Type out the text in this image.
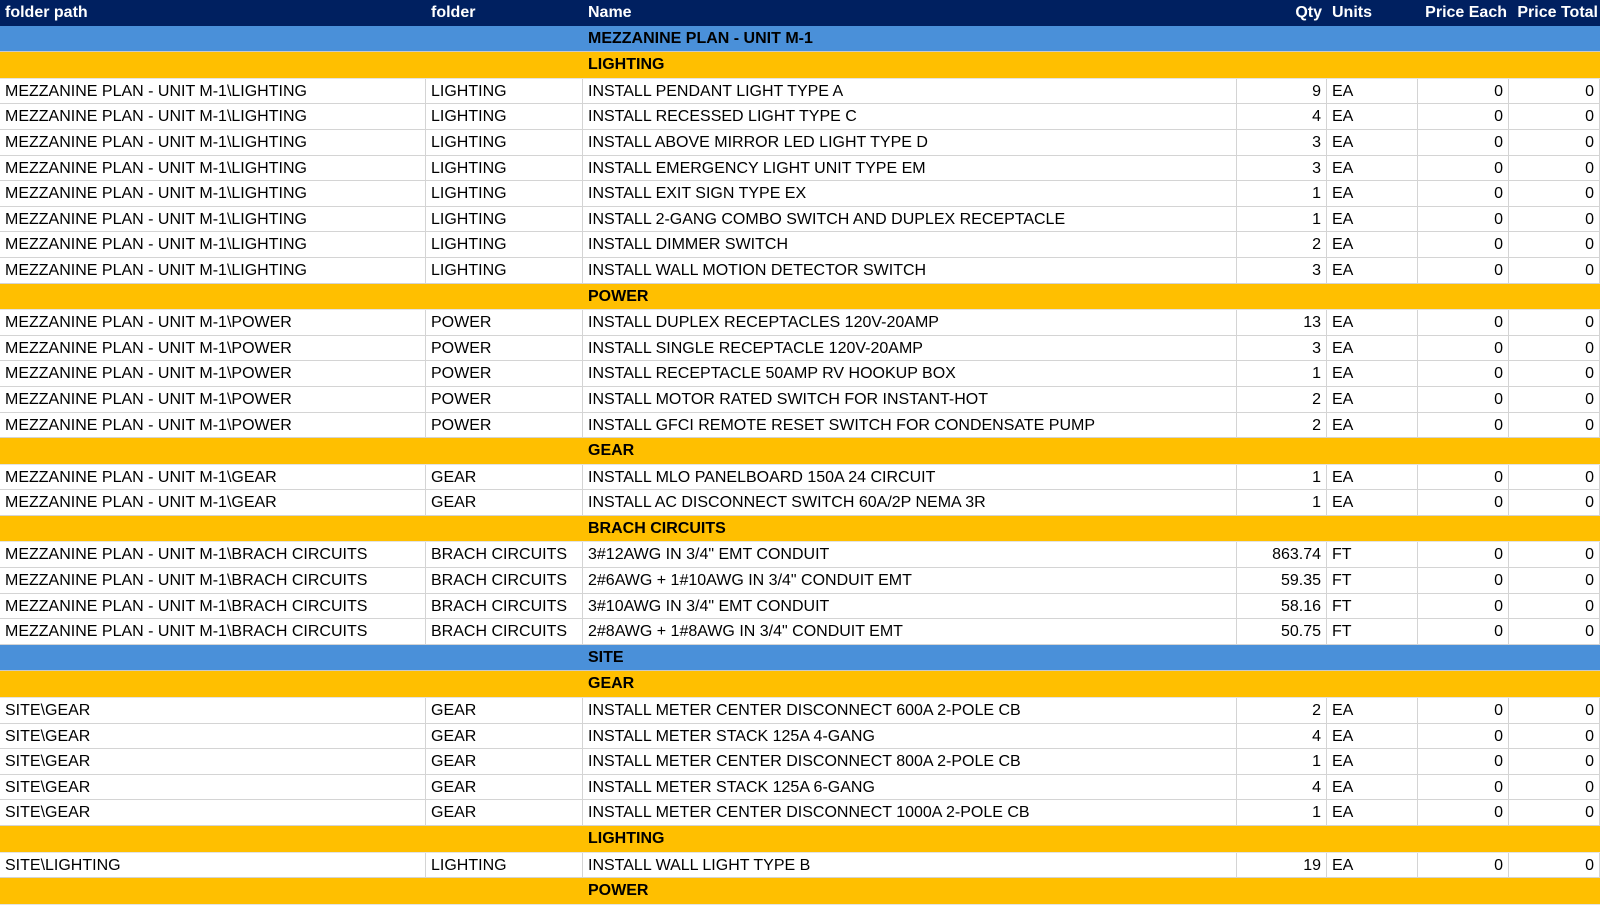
folder path	folder	Name	Qty Units	Price Each Price Total
MEZZANINE PLAN - UNIT M-1
LIGHTING
MEZZANINE PLAN - UNIT M-1\LIGHTING	LIGHTING	INSTALL PENDANT LIGHT TYPE A	9 EA	0	0
MEZZANINE PLAN - UNIT M-1\LIGHTING	LIGHTING	INSTALL RECESSED LIGHT TYPE C	4 EA	0	0
MEZZANINE PLAN - UNIT M-1\LIGHTING	LIGHTING	INSTALL ABOVE MIRROR LED LIGHT TYPE D	3 EA	0	0
MEZZANINE PLAN - UNIT M-1\LIGHTING	LIGHTING	INSTALL EMERGENCY LIGHT UNIT TYPE EM	3 EA	0	0
MEZZANINE PLAN - UNIT M-1\LIGHTING	LIGHTING	INSTALL EXIT SIGN TYPE EX	1 EA	0	0
MEZZANINE PLAN - UNIT M-1\LIGHTING	LIGHTING	INSTALL 2-GANG COMBO SWITCH AND DUPLEX RECEPTACLE	1 EA	0	0
MEZZANINE PLAN - UNIT M-1\LIGHTING	LIGHTING	INSTALL DIMMER SWITCH	2 EA	0	0
MEZZANINE PLAN - UNIT M-1\LIGHTING	LIGHTING	INSTALL WALL MOTION DETECTOR SWITCH	3 EA	0	0
POWER
MEZZANINE PLAN - UNIT M-1\POWER	POWER	INSTALL DUPLEX RECEPTACLES 120V-20AMP	13 EA	0	0
MEZZANINE PLAN - UNIT M-1\POWER	POWER	INSTALL SINGLE RECEPTACLE 120V-20AMP	3 EA	0	0
MEZZANINE PLAN - UNIT M-1\POWER	POWER	INSTALL RECEPTACLE 50AMP RV HOOKUP BOX	1 EA	0	0
MEZZANINE PLAN - UNIT M-1\POWER	POWER	INSTALL MOTOR RATED SWITCH FOR INSTANT-HOT	2 EA	0	0
MEZZANINE PLAN - UNIT M-1\POWER	POWER	INSTALL GFCI REMOTE RESET SWITCH FOR CONDENSATE PUMP	2 EA	0	0
GEAR
MEZZANINE PLAN - UNIT M-1\GEAR	GEAR	INSTALL MLO PANELBOARD 150A 24 CIRCUIT	1 EA	0	0
MEZZANINE PLAN - UNIT M-1\GEAR	GEAR	INSTALL AC DISCONNECT SWITCH 60A/2P NEMA 3R	1 EA	0	0
BRACH CIRCUITS
MEZZANINE PLAN - UNIT M-1\BRACH CIRCUITS	BRACH CIRCUITS	3#12AWG IN 3/4" EMT CONDUIT	863.74 FT	0	0
MEZZANINE PLAN - UNIT M-1\BRACH CIRCUITS	BRACH CIRCUITS	2#6AWG + 1#10AWG IN 3/4" CONDUIT EMT	59.35 FT	0	0
MEZZANINE PLAN - UNIT M-1\BRACH CIRCUITS	BRACH CIRCUITS	3#10AWG IN 3/4" EMT CONDUIT	58.16 FT	0	0
MEZZANINE PLAN - UNIT M-1\BRACH CIRCUITS	BRACH CIRCUITS	2#8AWG + 1#8AWG IN 3/4" CONDUIT EMT	50.75 FT	0	0
SITE
GEAR
SITE\GEAR	GEAR	INSTALL METER CENTER DISCONNECT 600A 2-POLE CB	2 EA	0	0
SITE\GEAR	GEAR	INSTALL METER STACK 125A 4-GANG	4 EA	0	0
SITE\GEAR	GEAR	INSTALL METER CENTER DISCONNECT 800A 2-POLE CB	1 EA	0	0
SITE\GEAR	GEAR	INSTALL METER STACK 125A 6-GANG	4 EA	0	0
SITE\GEAR	GEAR	INSTALL METER CENTER DISCONNECT 1000A 2-POLE CB	1 EA	0	0
LIGHTING
SITE\LIGHTING	LIGHTING	INSTALL WALL LIGHT TYPE B	19 EA	0	0
POWER
